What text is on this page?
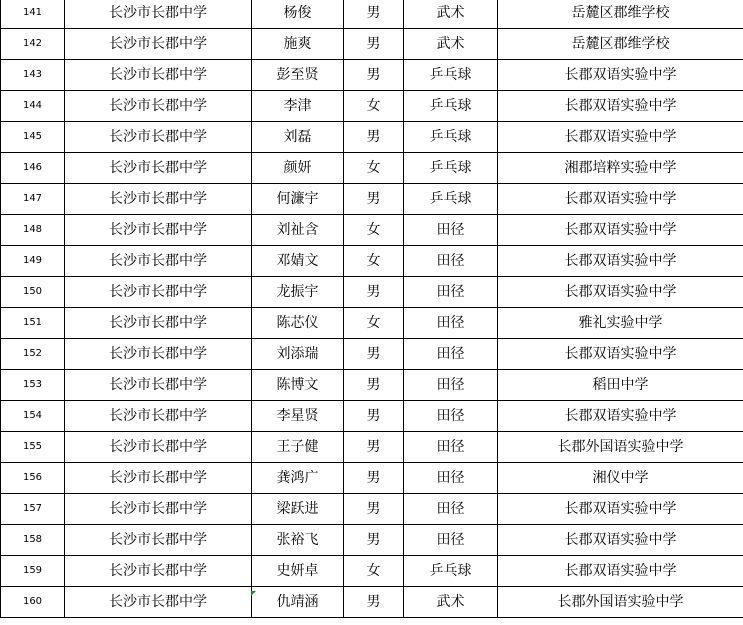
141	长沙市长郡中学	杨俊	男	武术	岳麓区郡维学校
142	长沙市长郡中学	施爽	男	武术	岳麓区郡维学校
143	长沙市长郡中学	彭至贤	男	乒乓球	长郡双语实验中学
144	长沙市长郡中学	李津	女	乒乓球	长郡双语实验中学
145	长沙市长郡中学	刘磊	男	乒乓球	长郡双语实验中学
146	长沙市长郡中学	颜妍	女	乒乓球	湘郡培粹实验中学
147	长沙市长郡中学	何濂宇	男	乒乓球	长郡双语实验中学
148	长沙市长郡中学	刘祉含	女	田径	长郡双语实验中学
149	长沙市长郡中学	邓婧文	女	田径	长郡双语实验中学
150	长沙市长郡中学	龙振宇	男	田径	长郡双语实验中学
151	长沙市长郡中学	陈芯仪	女	田径	雅礼实验中学
152	长沙市长郡中学	刘添瑞	男	田径	长郡双语实验中学
153	长沙市长郡中学	陈博文	男	田径	稻田中学
154	长沙市长郡中学	李星贤	男	田径	长郡双语实验中学
155	长沙市长郡中学	王子健	男	田径	长郡外国语实验中学
156	长沙市长郡中学	龚鸿广	男	田径	湘仪中学
157	长沙市长郡中学	梁跃进	男	田径	长郡双语实验中学
158	长沙市长郡中学	张裕飞	男	田径	长郡双语实验中学
159	长沙市长郡中学	史妍卓	女	乒乓球	长郡双语实验中学
160	长沙市长郡中学	仇靖涵	男	武术	长郡外国语实验中学
